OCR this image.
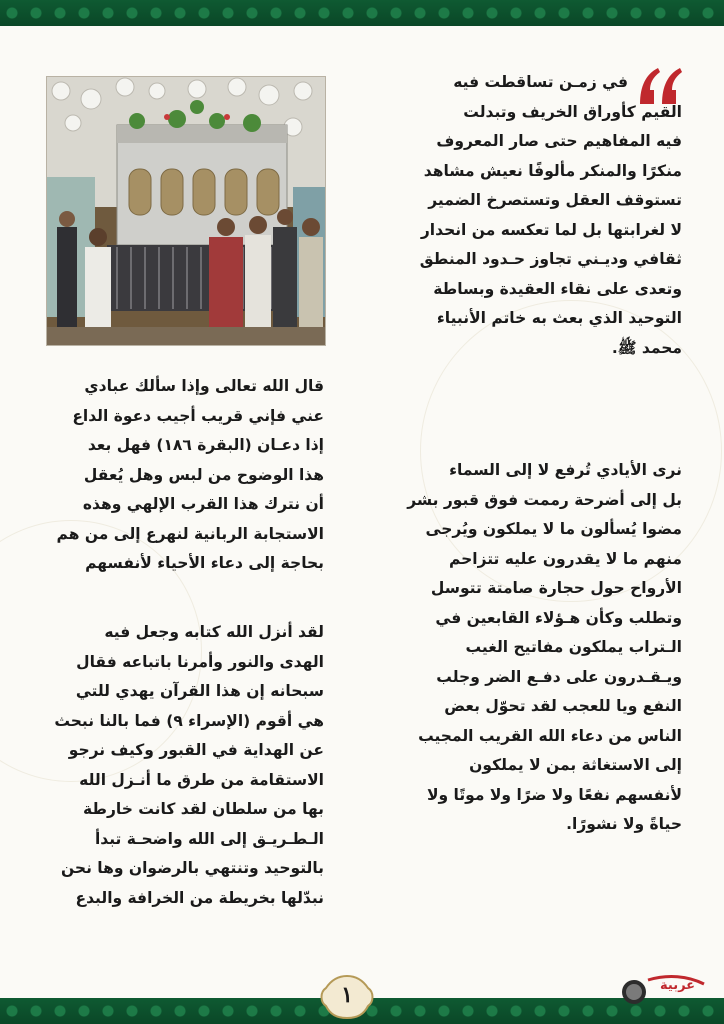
في زمـن تساقطت فيه

القيم كأوراق الخريف وتبدلت

فيه المفاهيم حتى صار المعروف

منكرًا والمنكر مألوفًا نعيش مشاهد

تستوقف العقل وتستصرخ الضمير

لا لغرابتها بل لما تعكسه من انحدار

ثقافي وديـني تجاوز حـدود المنطق

وتعدى على نقاء العقيدة وبساطة

التوحيد الذي بعث به خاتم الأنبياء

محمد ﷺ.

نرى الأيادي تُرفع لا إلى السماء

بل إلى أضرحة رممت فوق قبور بشر

مضوا يُسألون ما لا يملكون ويُرجى

منهم ما لا يقدرون عليه تتزاحم

الأرواح حول حجارة صامتة تتوسل

وتطلب وكأن هـؤلاء القابعين في

الـتراب يملكون مفاتيح الغيب

ويـقـدرون على دفـع الضر وجلب

النفع ويا للعجب لقد تحوّل بعض

الناس من دعاء الله القريب المجيب

إلى الاستغاثة بمن لا يملكون

لأنفسهم نفعًا ولا ضرًا ولا موتًا ولا

حياةً ولا نشورًا.

قال الله تعالى وإذا سألك عبادي

عني فإني قريب أجيب دعوة الداع

إذا دعـان (البقرة ١٨٦) فهل بعد

هذا الوضوح من لبس وهل يُعقل

أن نترك هذا القرب الإلهي وهذه

الاستجابة الربانية لنهرع إلى من هم

بحاجة إلى دعاء الأحياء لأنفسهم

لقد أنزل الله كتابه وجعل فيه

الهدى والنور وأمرنا باتباعه فقال

سبحانه إن هذا القرآن يهدي للتي

هي أقوم (الإسراء ٩) فما بالنا نبحث

عن الهداية في القبور وكيف نرجو

الاستقامة من طرق ما أنـزل الله

بها من سلطان لقد كانت خارطة

الـطـريـق إلى الله واضحـة تبدأ

بالتوحيد وتنتهي بالرضوان وها نحن

نبدّلها بخريطة من الخرافة والبدع

١	عربية
